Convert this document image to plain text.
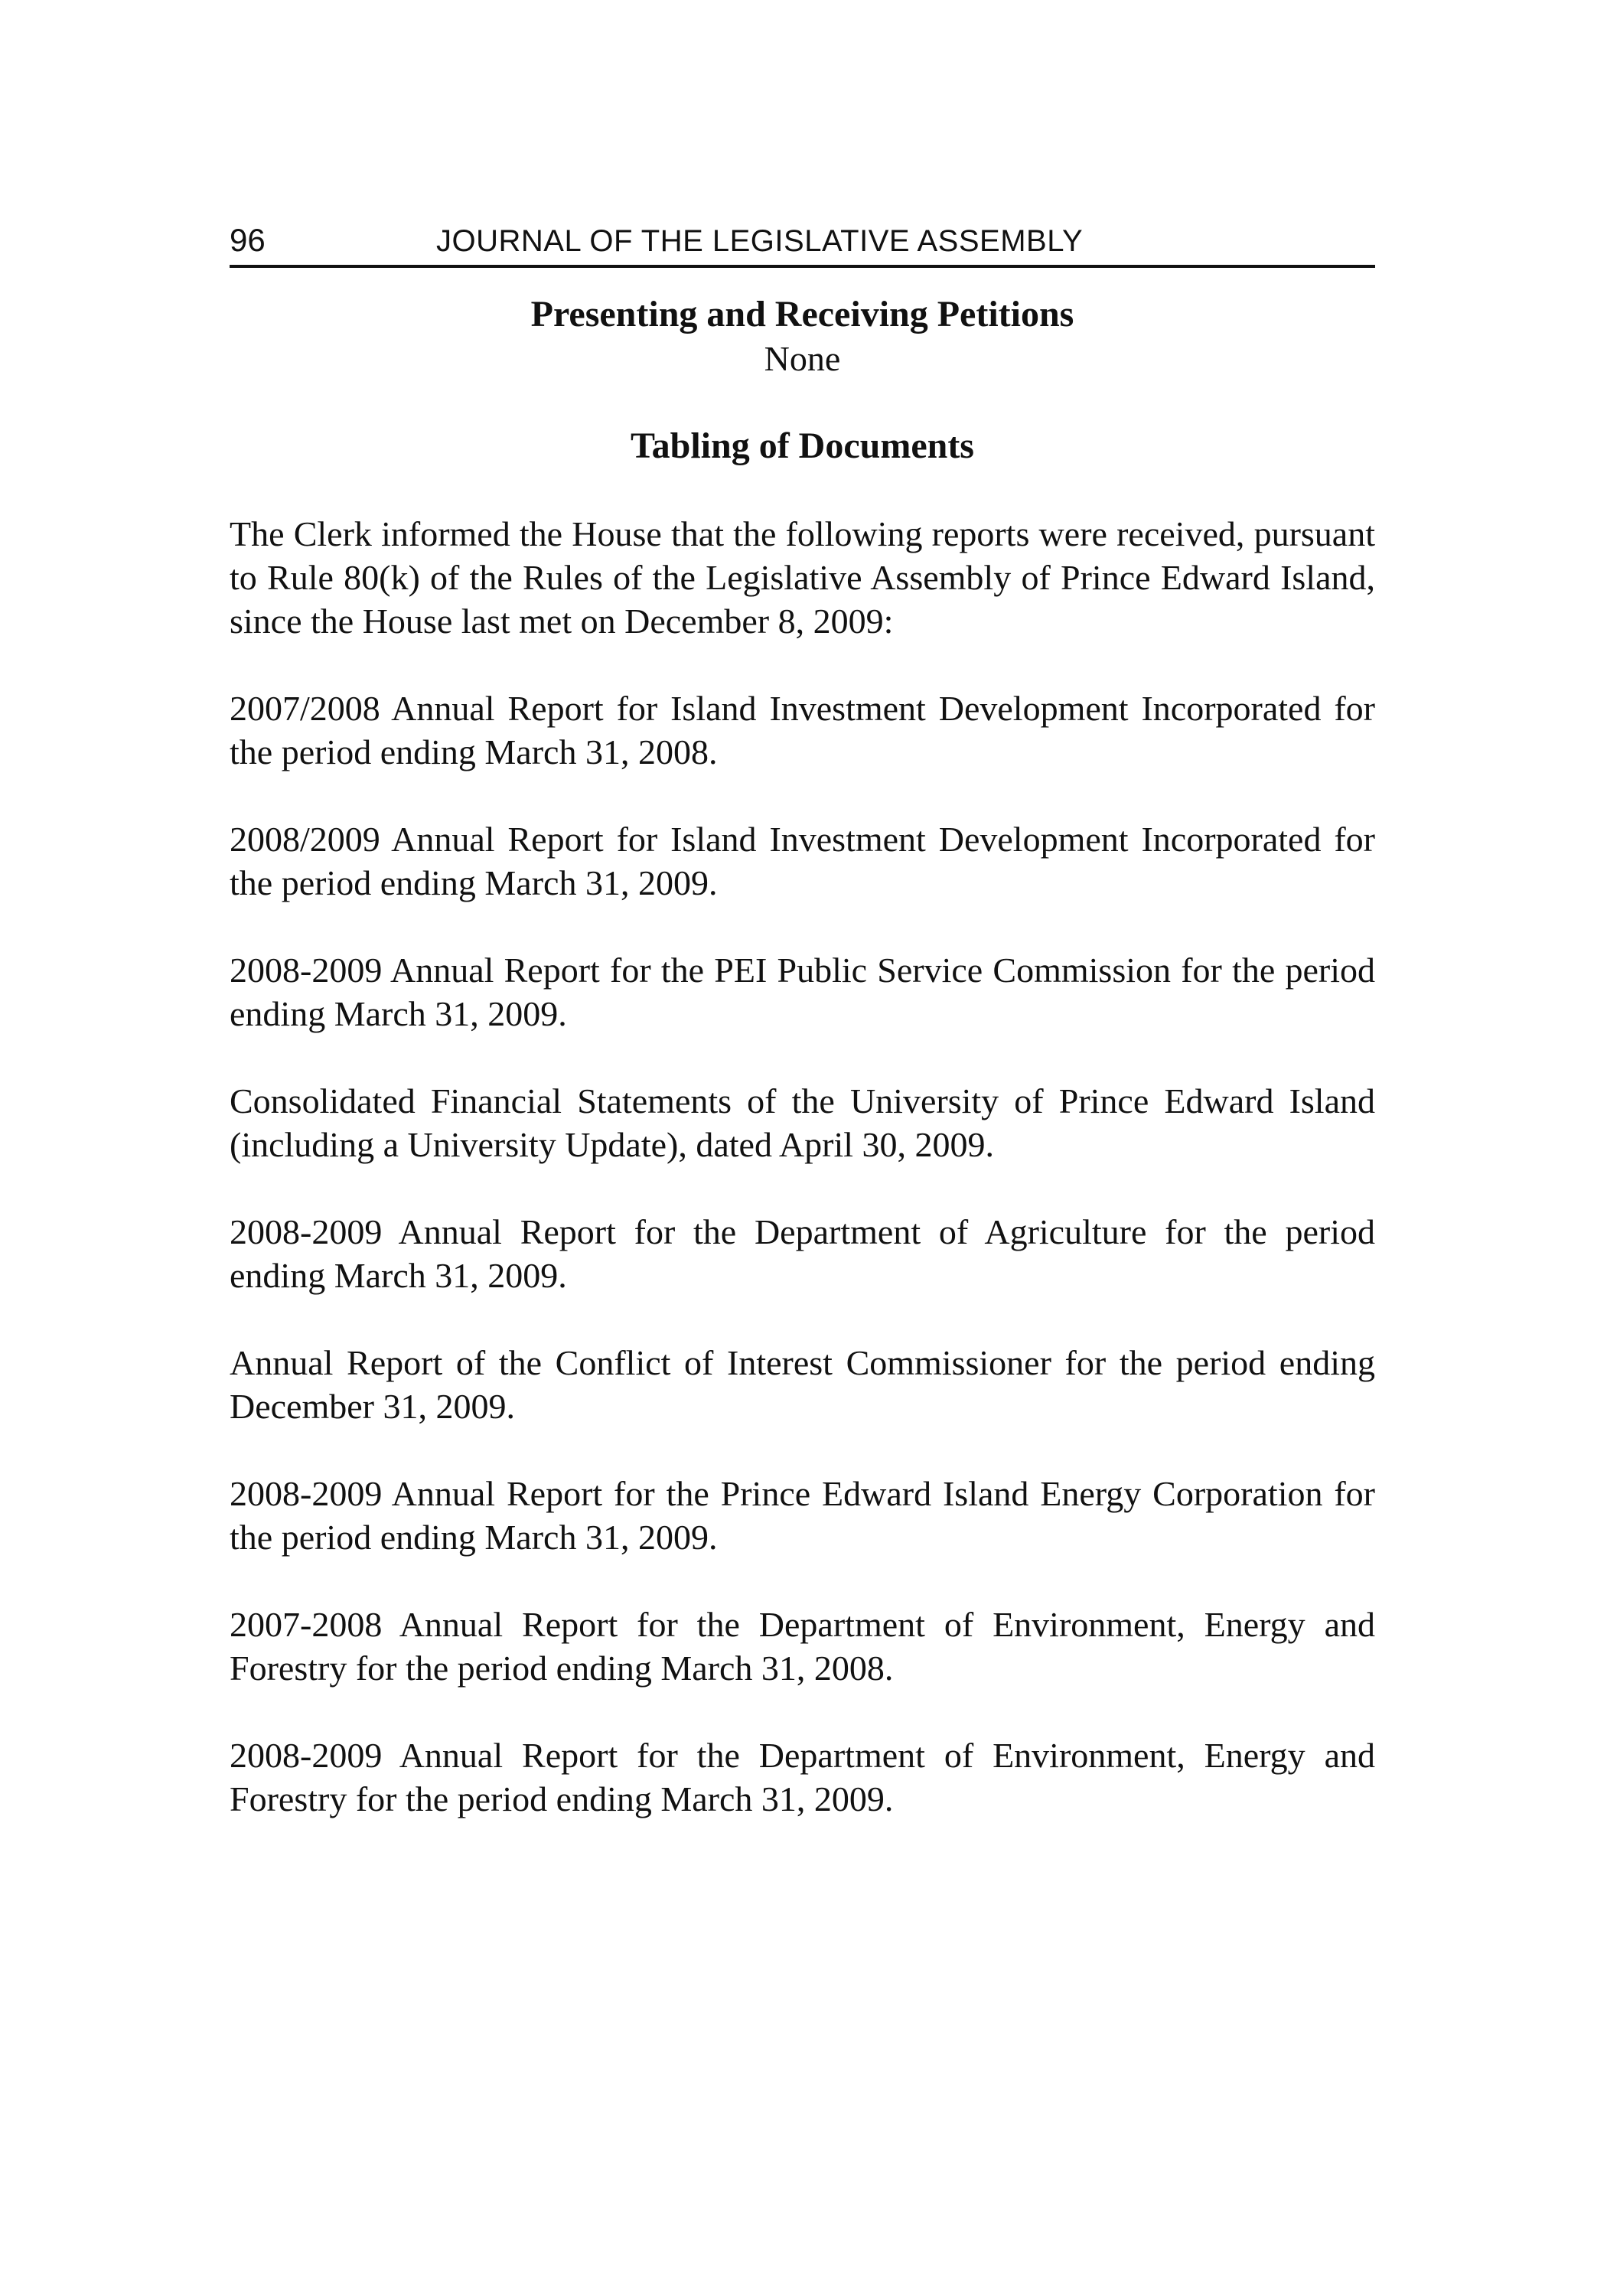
96	JOURNAL OF THE LEGISLATIVE ASSEMBLY
Presenting and Receiving Petitions

None

Tabling of Documents

The Clerk informed the House that the following reports were received, pursuant to Rule 80(k) of the Rules of the Legislative Assembly of Prince Edward Island, since the House last met on December 8, 2009:

2007/2008 Annual Report for Island Investment Development Incorporated for the period ending March 31, 2008.

2008/2009 Annual Report for Island Investment Development Incorporated for the period ending March 31, 2009.

2008-2009 Annual Report for the PEI Public Service Commission for the period ending March 31, 2009.

Consolidated Financial Statements of the University of Prince Edward Island (including a University Update), dated April 30, 2009.

2008-2009 Annual Report for the Department of Agriculture for the period ending March 31, 2009.

Annual Report of the Conflict of Interest Commissioner for the period ending December 31, 2009.

2008-2009 Annual Report for the Prince Edward Island Energy Corporation for the period ending March 31, 2009.

2007-2008 Annual Report for the Department of Environment, Energy and Forestry for the period ending March 31, 2008.

2008-2009 Annual Report for the Department of Environment, Energy and Forestry for the period ending March 31, 2009.
